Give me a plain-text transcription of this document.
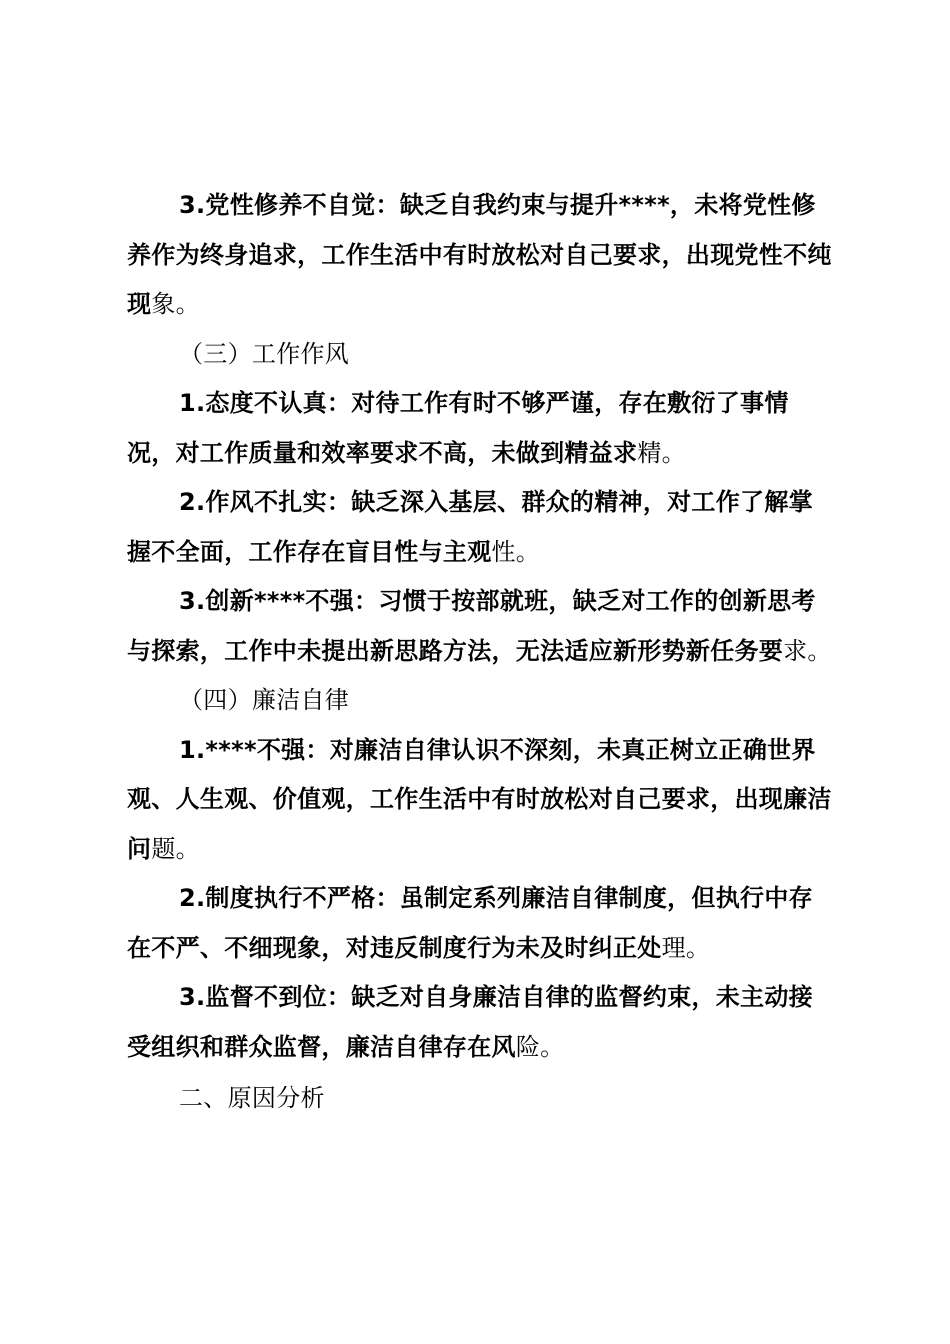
3.党性修养不自觉：缺乏自我约束与提升****，未将党性修养作为终身追求，工作生活中有时放松对自己要求，出现党性不纯现象。

（三）工作作风

1.态度不认真：对待工作有时不够严谨，存在敷衍了事情况，对工作质量和效率要求不高，未做到精益求精。

2.作风不扎实：缺乏深入基层、群众的精神，对工作了解掌握不全面，工作存在盲目性与主观性。

3.创新****不强：习惯于按部就班，缺乏对工作的创新思考与探索，工作中未提出新思路方法，无法适应新形势新任务要求。

（四）廉洁自律

1.****不强：对廉洁自律认识不深刻，未真正树立正确世界观、人生观、价值观，工作生活中有时放松对自己要求，出现廉洁问题。

2.制度执行不严格：虽制定系列廉洁自律制度，但执行中存在不严、不细现象，对违反制度行为未及时纠正处理。

3.监督不到位：缺乏对自身廉洁自律的监督约束，未主动接受组织和群众监督，廉洁自律存在风险。

二、原因分析
